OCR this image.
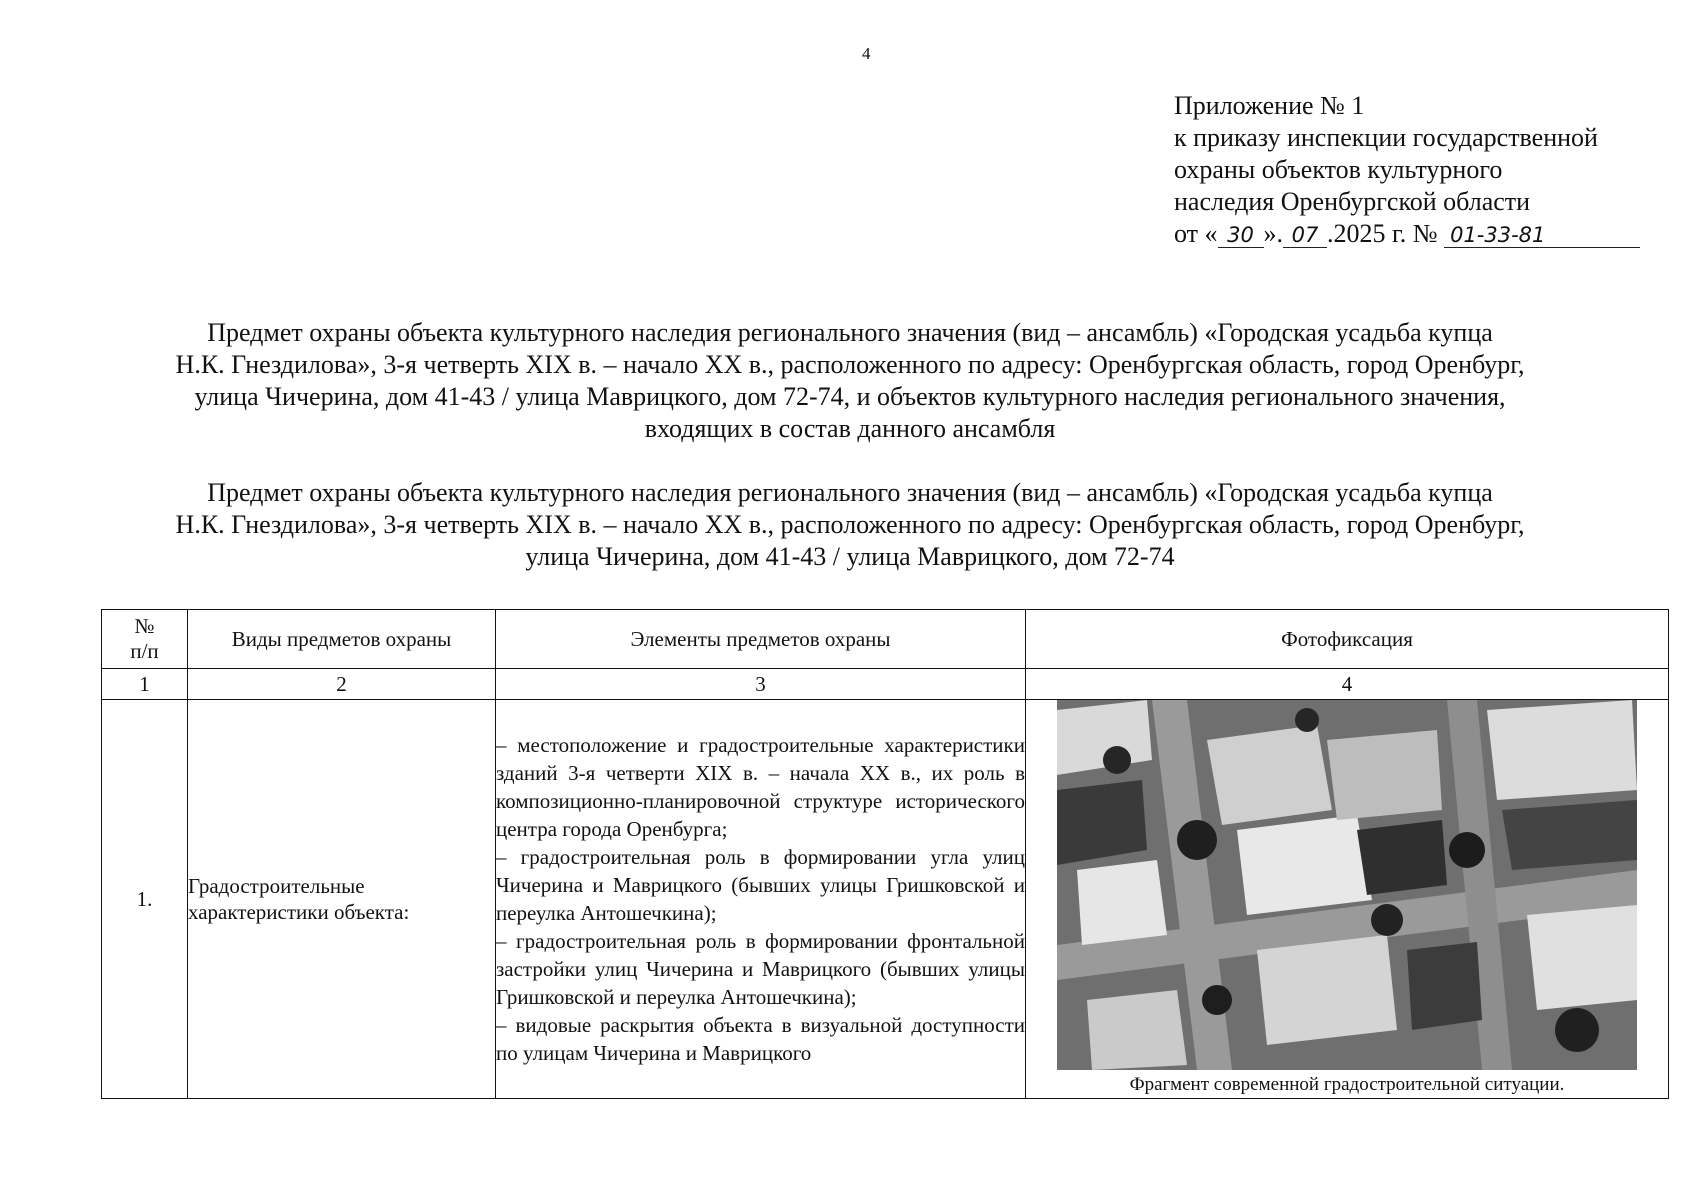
4
Приложение № 1
к приказу инспекции государственной
охраны объектов культурного
наследия Оренбургской области
от « 30 ». 07 .2025 г. № 01-33-81
Предмет охраны объекта культурного наследия регионального значения (вид – ансамбль) «Городская усадьба купца
Н.К. Гнездилова», 3-я четверть XIX в. – начало XX в., расположенного по адресу: Оренбургская область, город Оренбург,
улица Чичерина, дом 41-43 / улица Маврицкого, дом 72-74, и объектов культурного наследия регионального значения,
входящих в состав данного ансамбля
Предмет охраны объекта культурного наследия регионального значения (вид – ансамбль) «Городская усадьба купца
Н.К. Гнездилова», 3-я четверть XIX в. – начало XX в., расположенного по адресу: Оренбургская область, город Оренбург,
улица Чичерина, дом 41-43 / улица Маврицкого, дом 72-74
№
п/п	Виды предметов охраны	Элементы предметов охраны	Фотофиксация
1	2	3	4
1.	Градостроительные характеристики объекта:	– местоположение и градостроительные характеристики зданий 3-я четверти XIX в. – начала XX в., их роль в композиционно-планировочной структуре исторического центра города Оренбурга;

– градостроительная роль в формировании угла улиц Чичерина и Маврицкого (бывших улицы Гришковской и переулка Антошечкина);

– градостроительная роль в формировании фронтальной застройки улиц Чичерина и Маврицкого (бывших улицы Гришковской и переулка Антошечкина);

– видовые раскрытия объекта в визуальной доступности по улицам Чичерина и Маврицкого	Фрагмент современной градостроительной ситуации.
